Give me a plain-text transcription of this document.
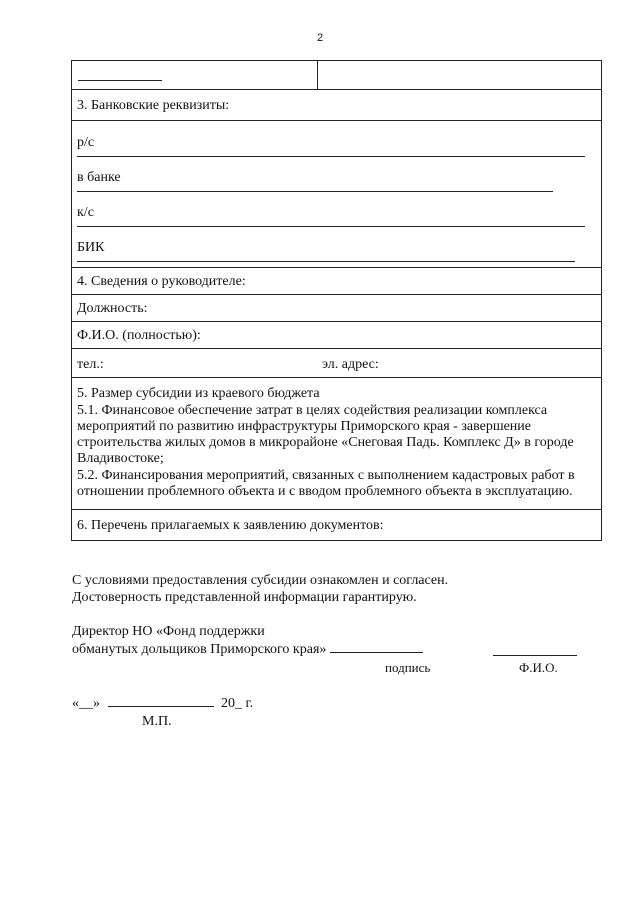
2

3. Банковские реквизиты:

р/с
в банке
к/с
БИК

4. Сведения о руководителе:

Должность:

Ф.И.О. (полностью):

тел.:	эл. адрес:

5. Размер субсидии из краевого бюджета

5.1. Финансовое обеспечение затрат в целях содействия реализации комплекса мероприятий по развитию инфраструктуры Приморского края - завершение строительства жилых домов в микрорайоне «Снеговая Падь. Комплекс Д» в городе Владивостоке;

5.2. Финансирования мероприятий, связанных с выполнением кадастровых работ в отношении проблемного объекта и с вводом проблемного объекта в эксплуатацию.

6. Перечень прилагаемых к заявлению документов:

С условиями предоставления субсидии ознакомлен и согласен.

Достоверность представленной информации гарантирую.

Директор НО «Фонд поддержки

обманутых дольщиков Приморского края»

подпись	Ф.И.О.
«__»	20_ г.
М.П.
